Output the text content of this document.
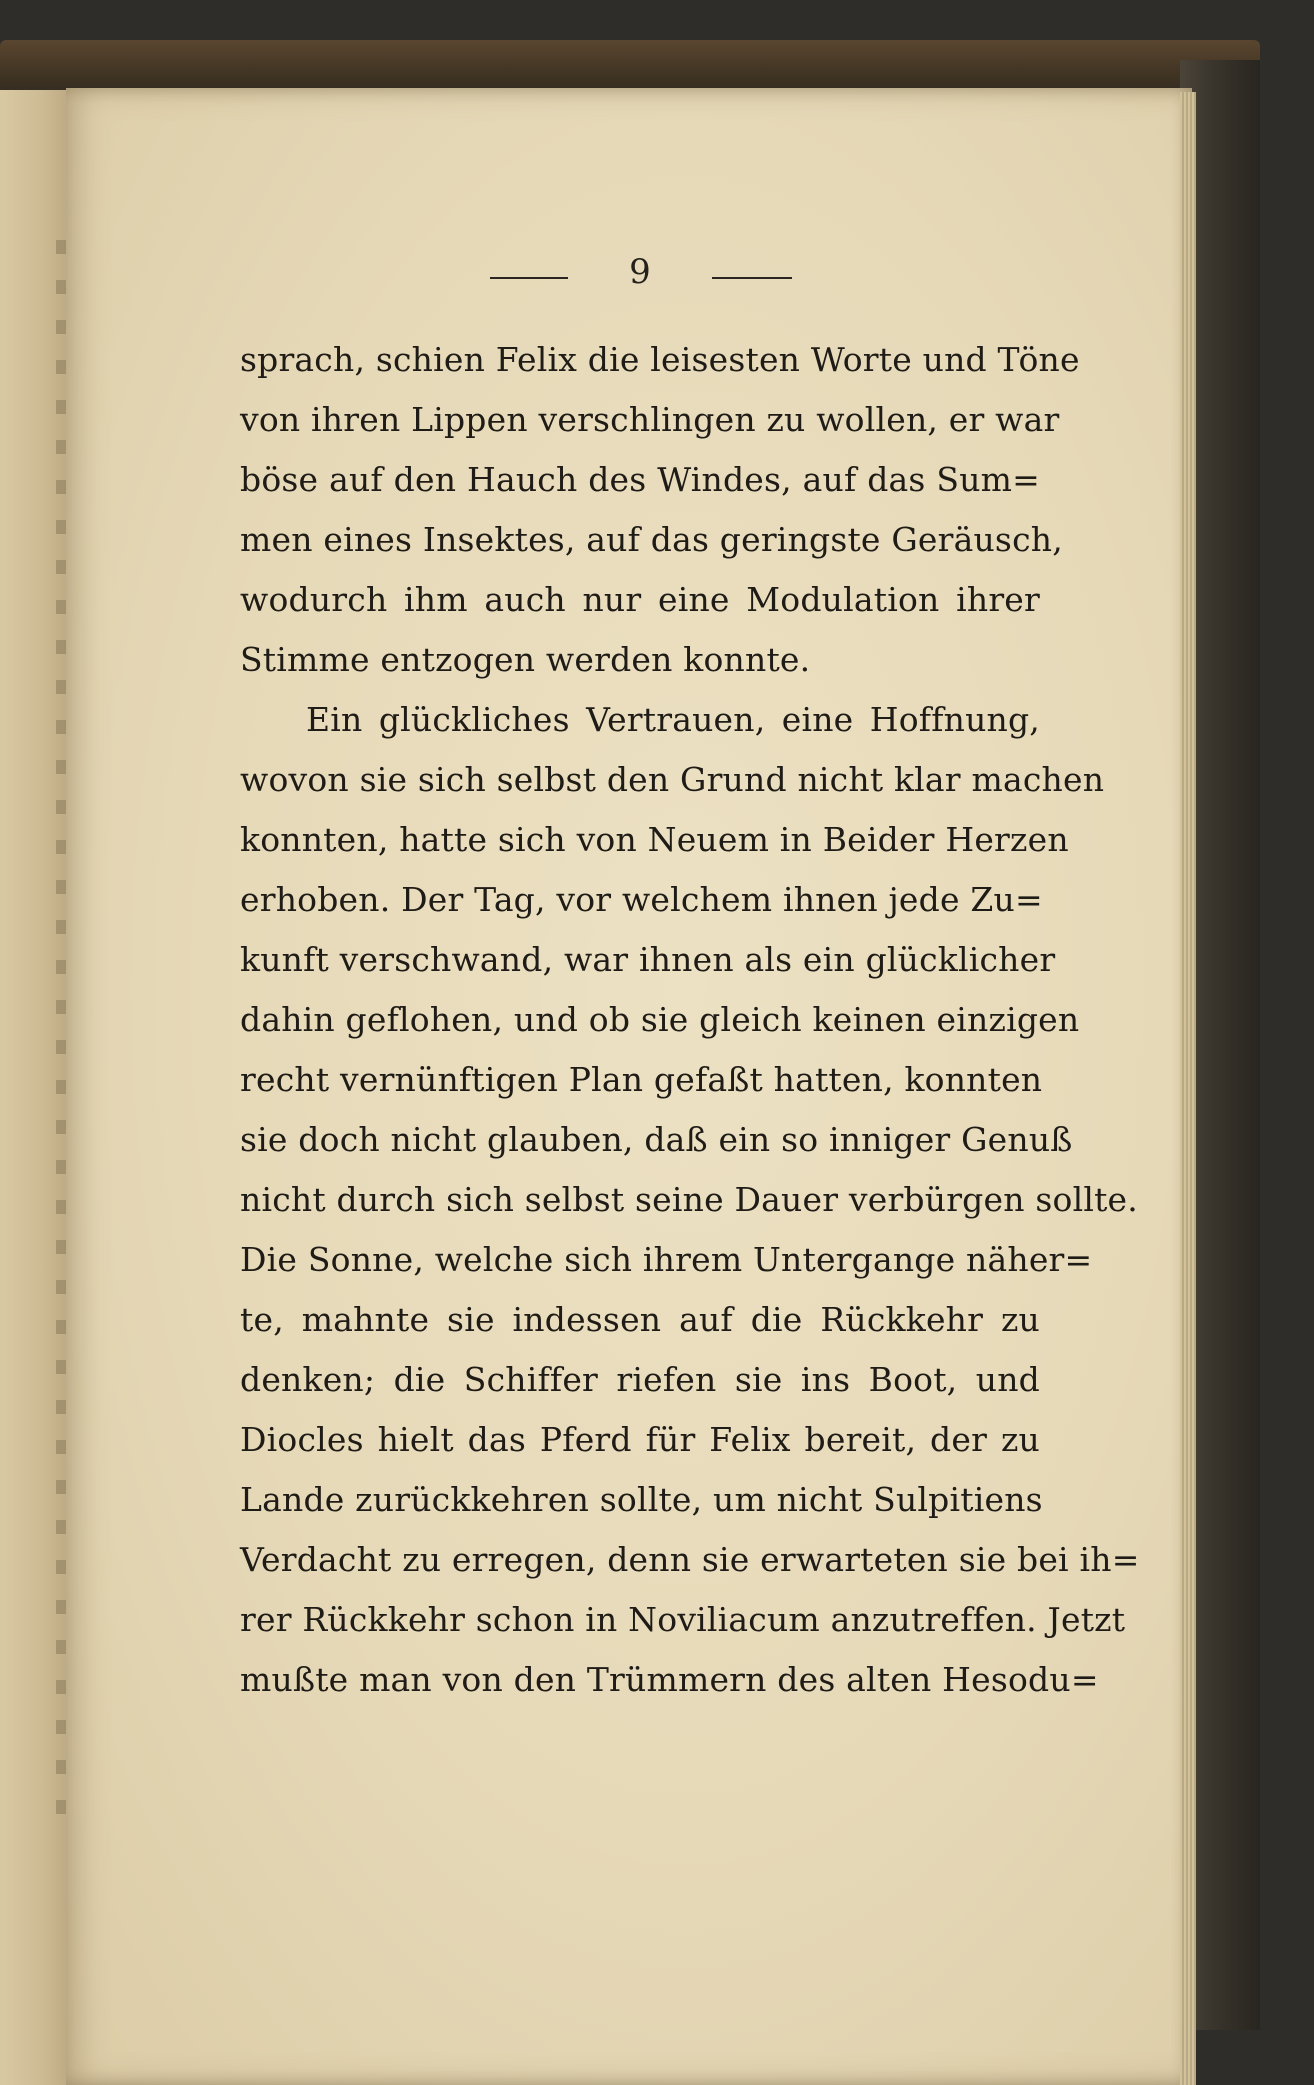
9
sprach, schien Felix die leisesten Worte und Töne
von ihren Lippen verschlingen zu wollen, er war
böse auf den Hauch des Windes, auf das Sum=
men eines Insektes, auf das geringste Geräusch,
wodurch ihm auch nur eine Modulation ihrer
Stimme entzogen werden konnte.
Ein glückliches Vertrauen, eine Hoffnung,
wovon sie sich selbst den Grund nicht klar machen
konnten, hatte sich von Neuem in Beider Herzen
erhoben. Der Tag, vor welchem ihnen jede Zu=
kunft verschwand, war ihnen als ein glücklicher
dahin geflohen, und ob sie gleich keinen einzigen
recht vernünftigen Plan gefaßt hatten, konnten
sie doch nicht glauben, daß ein so inniger Genuß
nicht durch sich selbst seine Dauer verbürgen sollte.
Die Sonne, welche sich ihrem Untergange näher=
te, mahnte sie indessen auf die Rückkehr zu
denken; die Schiffer riefen sie ins Boot, und
Diocles hielt das Pferd für Felix bereit, der zu
Lande zurückkehren sollte, um nicht Sulpitiens
Verdacht zu erregen, denn sie erwarteten sie bei ih=
rer Rückkehr schon in Noviliacum anzutreffen. Jetzt
mußte man von den Trümmern des alten Hesodu=
